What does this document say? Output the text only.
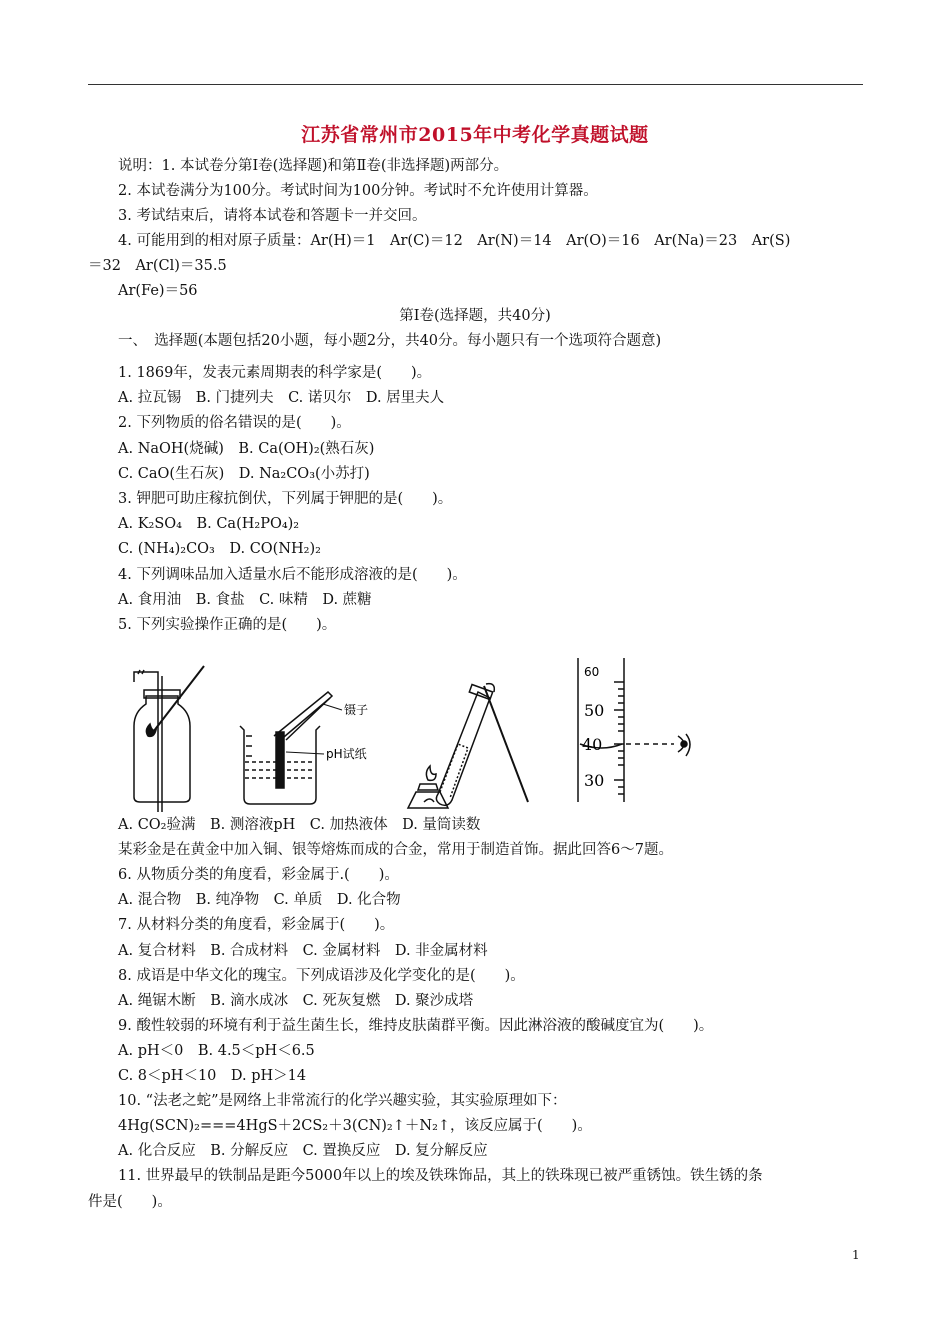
江苏省常州市2015年中考化学真题试题
说明：1. 本试卷分第Ⅰ卷(选择题)和第Ⅱ卷(非选择题)两部分。
2. 本试卷满分为100分。考试时间为100分钟。考试时不允许使用计算器。
3. 考试结束后，请将本试卷和答题卡一并交回。
4. 可能用到的相对原子质量：Ar(H)＝1　Ar(C)＝12　Ar(N)＝14　Ar(O)＝16　Ar(Na)＝23　Ar(S)
＝32　Ar(Cl)＝35.5
Ar(Fe)＝56
第Ⅰ卷(选择题，共40分)
一、　选择题(本题包括20小题，每小题2分，共40分。每小题只有一个选项符合题意)
1. 1869年，发表元素周期表的科学家是(　　)。
A. 拉瓦锡　B. 门捷列夫　C. 诺贝尔　D. 居里夫人
2. 下列物质的俗名错误的是(　　)。
A. NaOH(烧碱)　B. Ca(OH)₂(熟石灰)
C. CaO(生石灰)　D. Na₂CO₃(小苏打)
3. 钾肥可助庄稼抗倒伏，下列属于钾肥的是(　　)。
A. K₂SO₄　B. Ca(H₂PO₄)₂
C. (NH₄)₂CO₃　D. CO(NH₂)₂
4. 下列调味品加入适量水后不能形成溶液的是(　　)。
A. 食用油　B. 食盐　C. 味精　D. 蔗糖
5. 下列实验操作正确的是(　　)。
镊子
pH试纸
60
50
40
30
A. CO₂验满　B. 测溶液pH　C. 加热液体　D. 量筒读数
某彩金是在黄金中加入铜、银等熔炼而成的合金，常用于制造首饰。据此回答6～7题。
6. 从物质分类的角度看，彩金属于.(　　)。
A. 混合物　B. 纯净物　C. 单质　D. 化合物
7. 从材料分类的角度看，彩金属于(　　)。
A. 复合材料　B. 合成材料　C. 金属材料　D. 非金属材料
8. 成语是中华文化的瑰宝。下列成语涉及化学变化的是(　　)。
A. 绳锯木断　B. 滴水成冰　C. 死灰复燃　D. 聚沙成塔
9. 酸性较弱的环境有利于益生菌生长，维持皮肤菌群平衡。因此淋浴液的酸碱度宜为(　　)。
A. pH＜0　B. 4.5＜pH＜6.5
C. 8＜pH＜10　D. pH＞14
10. “法老之蛇”是网络上非常流行的化学兴趣实验，其实验原理如下：
4Hg(SCN)₂===4HgS＋2CS₂＋3(CN)₂↑＋N₂↑，该反应属于(　　)。
A. 化合反应　B. 分解反应　C. 置换反应　D. 复分解反应
11. 世界最早的铁制品是距今5000年以上的埃及铁珠饰品，其上的铁珠现已被严重锈蚀。铁生锈的条
件是(　　)。
1
